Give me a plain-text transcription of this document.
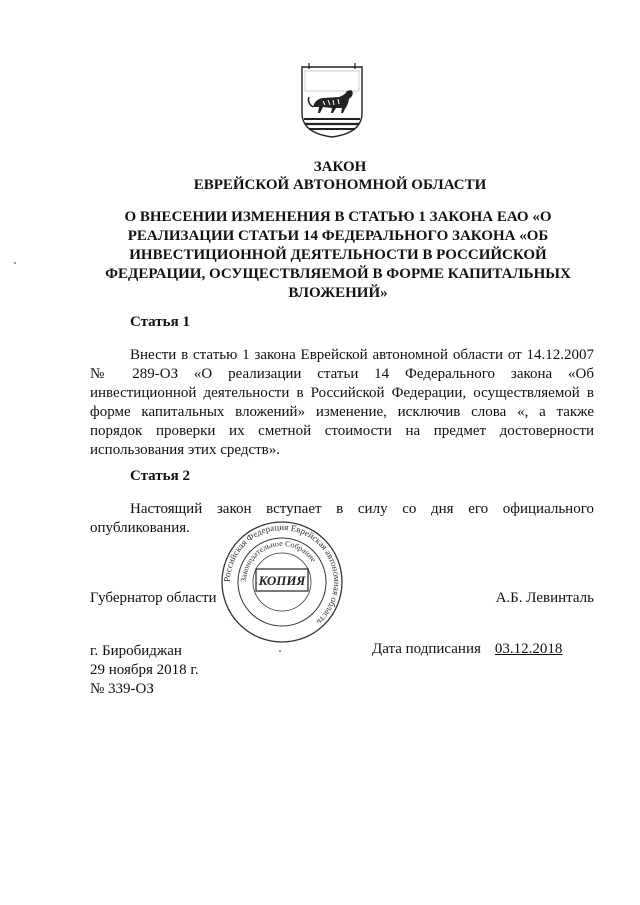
ЗАКОН
ЕВРЕЙСКОЙ АВТОНОМНОЙ ОБЛАСТИ
О ВНЕСЕНИИ ИЗМЕНЕНИЯ В СТАТЬЮ 1 ЗАКОНА ЕАО «О РЕАЛИЗАЦИИ СТАТЬИ 14 ФЕДЕРАЛЬНОГО ЗАКОНА «ОБ ИНВЕСТИЦИОННОЙ ДЕЯТЕЛЬНОСТИ В РОССИЙСКОЙ ФЕДЕРАЦИИ, ОСУЩЕСТВЛЯЕМОЙ В ФОРМЕ КАПИТАЛЬНЫХ ВЛОЖЕНИЙ»
Статья 1
Внести в статью 1 закона Еврейской автономной области от 14.12.2007 № 289-ОЗ «О реализации статьи 14 Федерального закона «Об инвестиционной деятельности в Российской Федерации, осуществляемой в форме капитальных вложений» изменение, исключив слова «, а также порядок проверки их сметной стоимости на предмет достоверности использования этих средств».
Статья 2
Настоящий закон вступает в силу со дня его официального опубликования.
Губернатор области	А.Б. Левинталь
Российская Федерация Еврейская автономная область
Законодательное Собрание
КОПИЯ
г. Биробиджан
29 ноября 2018 г.
№ 339-ОЗ
Дата подписания 03.12.2018
